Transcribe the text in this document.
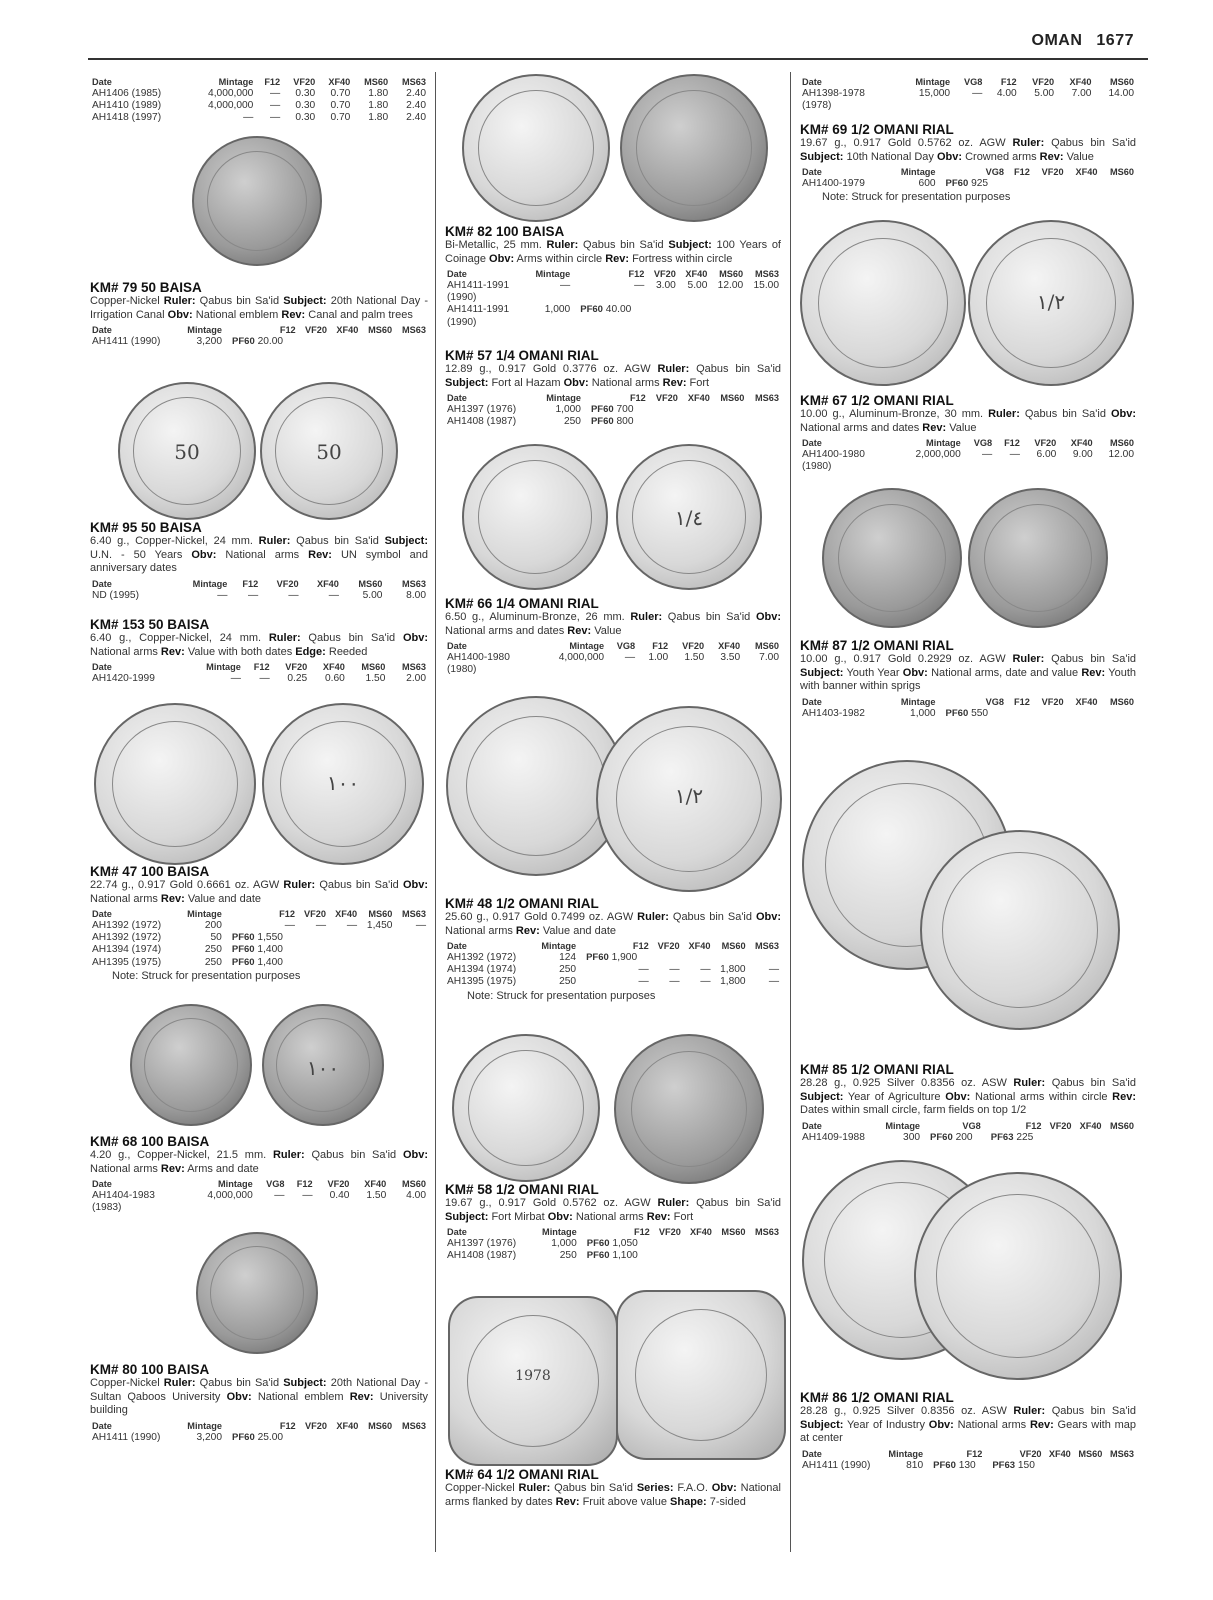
OMAN 1677
Date	Mintage	F12	VF20	XF40	MS60	MS63
AH1406 (1985)	4,000,000	—	0.30	0.70	1.80	2.40
AH1410 (1989)	4,000,000	—	0.30	0.70	1.80	2.40
AH1418 (1997)	—	—	0.30	0.70	1.80	2.40
KM# 79 50 BAISA
Copper-Nickel Ruler: Qabus bin Sa'id Subject: 20th National Day - Irrigation Canal Obv: National emblem Rev: Canal and palm trees
Date	Mintage	F12	VF20	XF40	MS60	MS63
AH1411 (1990)	3,200	PF60 20.00				
50	50
KM# 95 50 BAISA
6.40 g., Copper-Nickel, 24 mm. Ruler: Qabus bin Sa'id Subject: U.N. - 50 Years Obv: National arms Rev: UN symbol and anniversary dates
Date	Mintage	F12	VF20	XF40	MS60	MS63
ND (1995)	—	—	—	—	5.00	8.00
KM# 153 50 BAISA
6.40 g., Copper-Nickel, 24 mm. Ruler: Qabus bin Sa'id Obv: National arms Rev: Value with both dates Edge: Reeded
Date	Mintage	F12	VF20	XF40	MS60	MS63
AH1420-1999	—	—	0.25	0.60	1.50	2.00
١٠٠
KM# 47 100 BAISA
22.74 g., 0.917 Gold 0.6661 oz. AGW Ruler: Qabus bin Sa'id Obv: National arms Rev: Value and date
Date	Mintage	F12	VF20	XF40	MS60	MS63
AH1392 (1972)	200	—	—	—	1,450	—
AH1392 (1972)	50	PF60 1,550				
AH1394 (1974)	250	PF60 1,400				
AH1395 (1975)	250	PF60 1,400				
Note: Struck for presentation purposes
١٠٠
KM# 68 100 BAISA
4.20 g., Copper-Nickel, 21.5 mm. Ruler: Qabus bin Sa'id Obv: National arms Rev: Arms and date
Date	Mintage	VG8	F12	VF20	XF40	MS60
AH1404-1983	4,000,000	—	—	0.40	1.50	4.00
(1983)						
KM# 80 100 BAISA
Copper-Nickel Ruler: Qabus bin Sa'id Subject: 20th National Day - Sultan Qaboos University Obv: National emblem Rev: University building
Date	Mintage	F12	VF20	XF40	MS60	MS63
AH1411 (1990)	3,200	PF60 25.00				
KM# 82 100 BAISA
Bi-Metallic, 25 mm. Ruler: Qabus bin Sa'id Subject: 100 Years of Coinage Obv: Arms within circle Rev: Fortress within circle
Date	Mintage	F12	VF20	XF40	MS60	MS63
AH1411-1991	—	—	3.00	5.00	12.00	15.00
(1990)						
AH1411-1991	1,000	PF60 40.00				
(1990)						
KM# 57 1/4 OMANI RIAL
12.89 g., 0.917 Gold 0.3776 oz. AGW Ruler: Qabus bin Sa'id Subject: Fort al Hazam Obv: National arms Rev: Fort
Date	Mintage	F12	VF20	XF40	MS60	MS63
AH1397 (1976)	1,000	PF60 700				
AH1408 (1987)	250	PF60 800				
١/٤
KM# 66 1/4 OMANI RIAL
6.50 g., Aluminum-Bronze, 26 mm. Ruler: Qabus bin Sa'id Obv: National arms and dates Rev: Value
Date	Mintage	VG8	F12	VF20	XF40	MS60
AH1400-1980	4,000,000	—	1.00	1.50	3.50	7.00
(1980)						
١/٢
KM# 48 1/2 OMANI RIAL
25.60 g., 0.917 Gold 0.7499 oz. AGW Ruler: Qabus bin Sa'id Obv: National arms Rev: Value and date
Date	Mintage	F12	VF20	XF40	MS60	MS63
AH1392 (1972)	124	PF60 1,900				
AH1394 (1974)	250	—	—	—	1,800	—
AH1395 (1975)	250	—	—	—	1,800	—
Note: Struck for presentation purposes
KM# 58 1/2 OMANI RIAL
19.67 g., 0.917 Gold 0.5762 oz. AGW Ruler: Qabus bin Sa'id Subject: Fort Mirbat Obv: National arms Rev: Fort
Date	Mintage	F12	VF20	XF40	MS60	MS63
AH1397 (1976)	1,000	PF60 1,050				
AH1408 (1987)	250	PF60 1,100				
1978
KM# 64 1/2 OMANI RIAL
Copper-Nickel Ruler: Qabus bin Sa'id Series: F.A.O. Obv: National arms flanked by dates Rev: Fruit above value Shape: 7-sided
Date	Mintage	VG8	F12	VF20	XF40	MS60
AH1398-1978	15,000	—	4.00	5.00	7.00	14.00
(1978)						
KM# 69 1/2 OMANI RIAL
19.67 g., 0.917 Gold 0.5762 oz. AGW Ruler: Qabus bin Sa'id Subject: 10th National Day Obv: Crowned arms Rev: Value
Date	Mintage	VG8	F12	VF20	XF40	MS60
AH1400-1979	600	PF60 925				
Note: Struck for presentation purposes
١/٢
KM# 67 1/2 OMANI RIAL
10.00 g., Aluminum-Bronze, 30 mm. Ruler: Qabus bin Sa'id Obv: National arms and dates Rev: Value
Date	Mintage	VG8	F12	VF20	XF40	MS60
AH1400-1980	2,000,000	—	—	6.00	9.00	12.00
(1980)						
KM# 87 1/2 OMANI RIAL
10.00 g., 0.917 Gold 0.2929 oz. AGW Ruler: Qabus bin Sa'id Subject: Youth Year Obv: National arms, date and value Rev: Youth with banner within sprigs
Date	Mintage	VG8	F12	VF20	XF40	MS60
AH1403-1982	1,000	PF60 550				
KM# 85 1/2 OMANI RIAL
28.28 g., 0.925 Silver 0.8356 oz. ASW Ruler: Qabus bin Sa'id Subject: Year of Agriculture Obv: National arms within circle Rev: Dates within small circle, farm fields on top 1/2
Date	Mintage	VG8	F12	VF20	XF40	MS60
AH1409-1988	300	PF60 200	PF63 225			
KM# 86 1/2 OMANI RIAL
28.28 g., 0.925 Silver 0.8356 oz. ASW Ruler: Qabus bin Sa'id Subject: Year of Industry Obv: National arms Rev: Gears with map at center
Date	Mintage	F12	VF20	XF40	MS60	MS63
AH1411 (1990)	810	PF60 130	PF63 150			
